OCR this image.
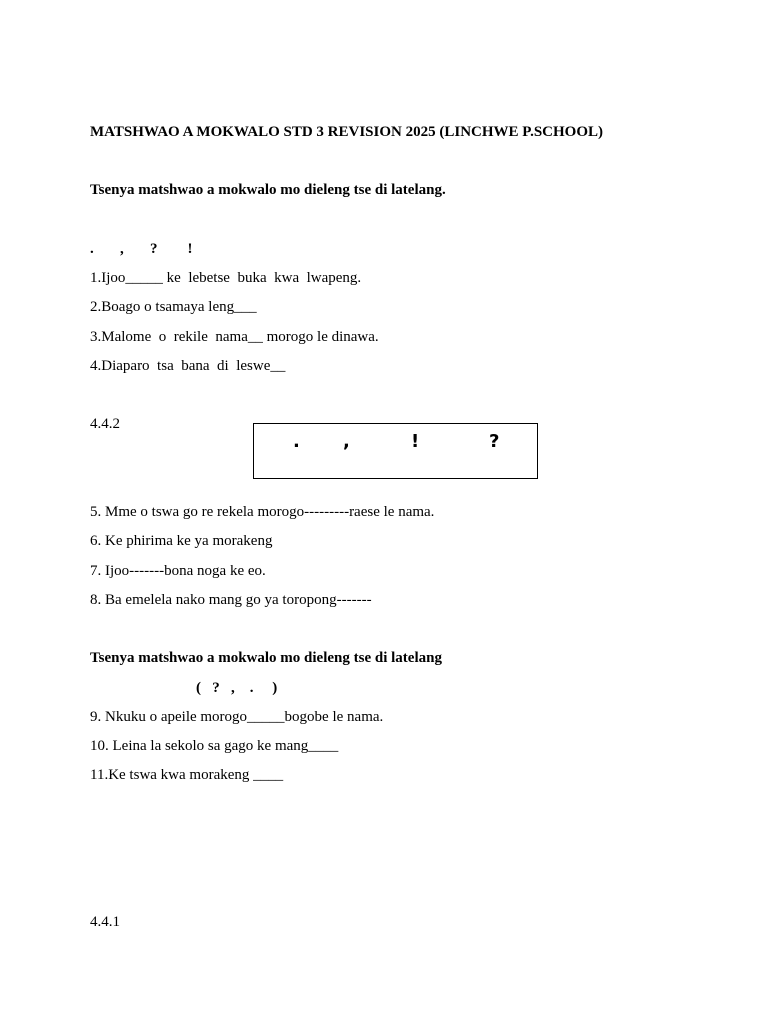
MATSHWAO A MOKWALO STD 3 REVISION 2025 (LINCHWE P.SCHOOL)
Tsenya matshwao a mokwalo mo dieleng tse di latelang.
.       ,       ?        !
1.Ijoo_____ ke  lebetse  buka  kwa  lwapeng.
2.Boago o tsamaya leng___
3.Malome  o  rekile  nama__ morogo le dinawa.
4.Diaparo  tsa  bana  di  leswe__
4.4.2
. ,	!	?
5. Mme o tswa go re rekela morogo---------raese le nama.
6. Ke phirima ke ya morakeng
7. Ijoo-------bona noga ke eo.
8. Ba emelela nako mang go ya toropong-------
Tsenya matshwao a mokwalo mo dieleng tse di latelang
(   ?   ,    .     )
9. Nkuku o apeile morogo_____bogobe le nama.
10. Leina la sekolo sa gago ke mang____
11.Ke tswa kwa morakeng ____
4.4.1
